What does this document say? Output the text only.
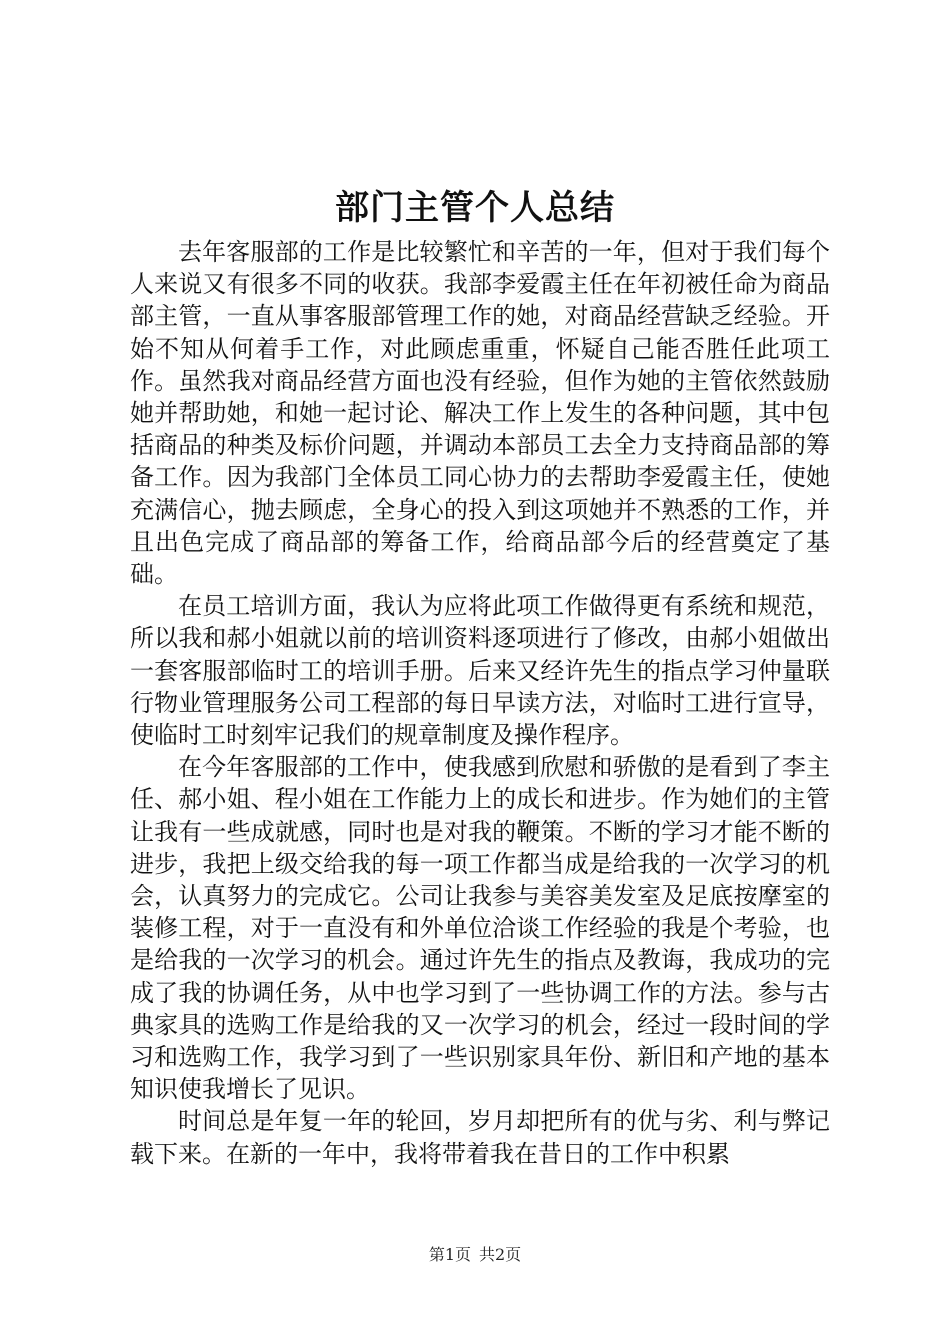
部门主管个人总结

去年客服部的工作是比较繁忙和辛苦的一年，但对于我们每个人来说又有很多不同的收获。我部李爱霞主任在年初被任命为商品部主管，一直从事客服部管理工作的她，对商品经营缺乏经验。开始不知从何着手工作，对此顾虑重重，怀疑自己能否胜任此项工作。虽然我对商品经营方面也没有经验，但作为她的主管依然鼓励她并帮助她，和她一起讨论、解决工作上发生的各种问题，其中包括商品的种类及标价问题，并调动本部员工去全力支持商品部的筹备工作。因为我部门全体员工同心协力的去帮助李爱霞主任，使她充满信心，抛去顾虑，全身心的投入到这项她并不熟悉的工作，并且出色完成了商品部的筹备工作，给商品部今后的经营奠定了基础。

在员工培训方面，我认为应将此项工作做得更有系统和规范，所以我和郝小姐就以前的培训资料逐项进行了修改，由郝小姐做出一套客服部临时工的培训手册。后来又经许先生的指点学习仲量联行物业管理服务公司工程部的每日早读方法，对临时工进行宣导，使临时工时刻牢记我们的规章制度及操作程序。

在今年客服部的工作中，使我感到欣慰和骄傲的是看到了李主任、郝小姐、程小姐在工作能力上的成长和进步。作为她们的主管让我有一些成就感，同时也是对我的鞭策。不断的学习才能不断的进步，我把上级交给我的每一项工作都当成是给我的一次学习的机会，认真努力的完成它。公司让我参与美容美发室及足底按摩室的装修工程，对于一直没有和外单位洽谈工作经验的我是个考验，也是给我的一次学习的机会。通过许先生的指点及教诲，我成功的完成了我的协调任务，从中也学习到了一些协调工作的方法。参与古典家具的选购工作是给我的又一次学习的机会，经过一段时间的学习和选购工作，我学习到了一些识别家具年份、新旧和产地的基本知识使我增长了见识。

时间总是年复一年的轮回，岁月却把所有的优与劣、利与弊记载下来。在新的一年中，我将带着我在昔日的工作中积累

第1页 共2页
